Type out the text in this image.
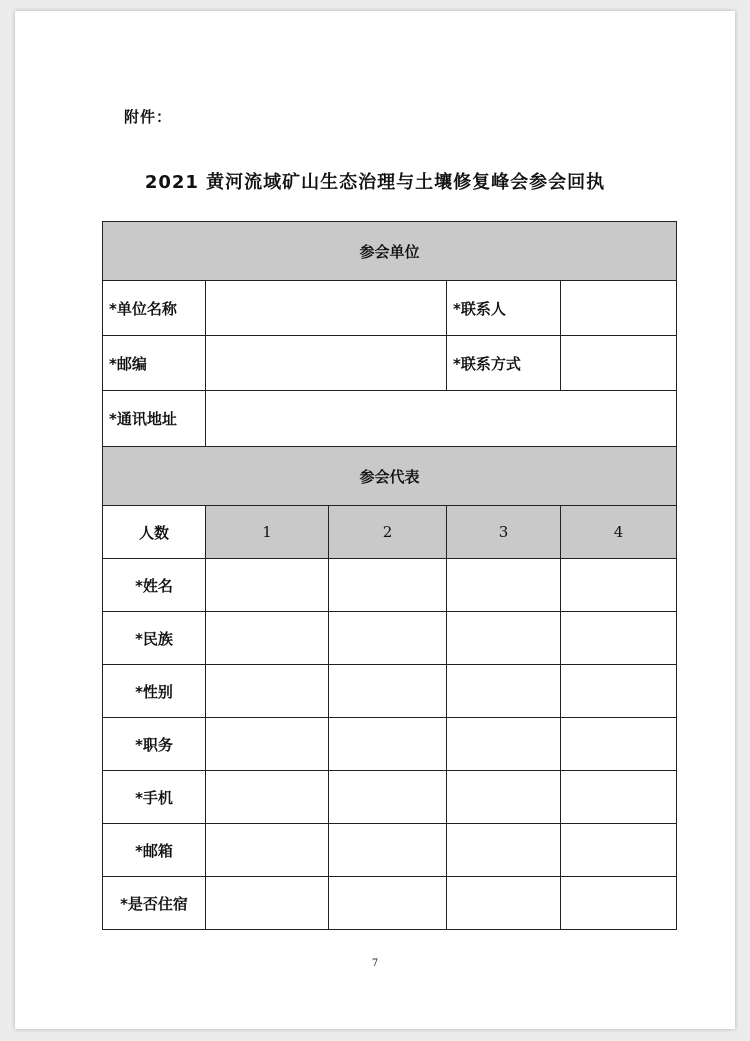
附件：
2021 黄河流域矿山生态治理与土壤修复峰会参会回执
参会单位				
*单位名称			*联系人	
*邮编			*联系方式	
*通讯地址				
参会代表				
人数	1	2	3	4
*姓名				
*民族				
*性别				
*职务				
*手机				
*邮箱				
*是否住宿				
7
